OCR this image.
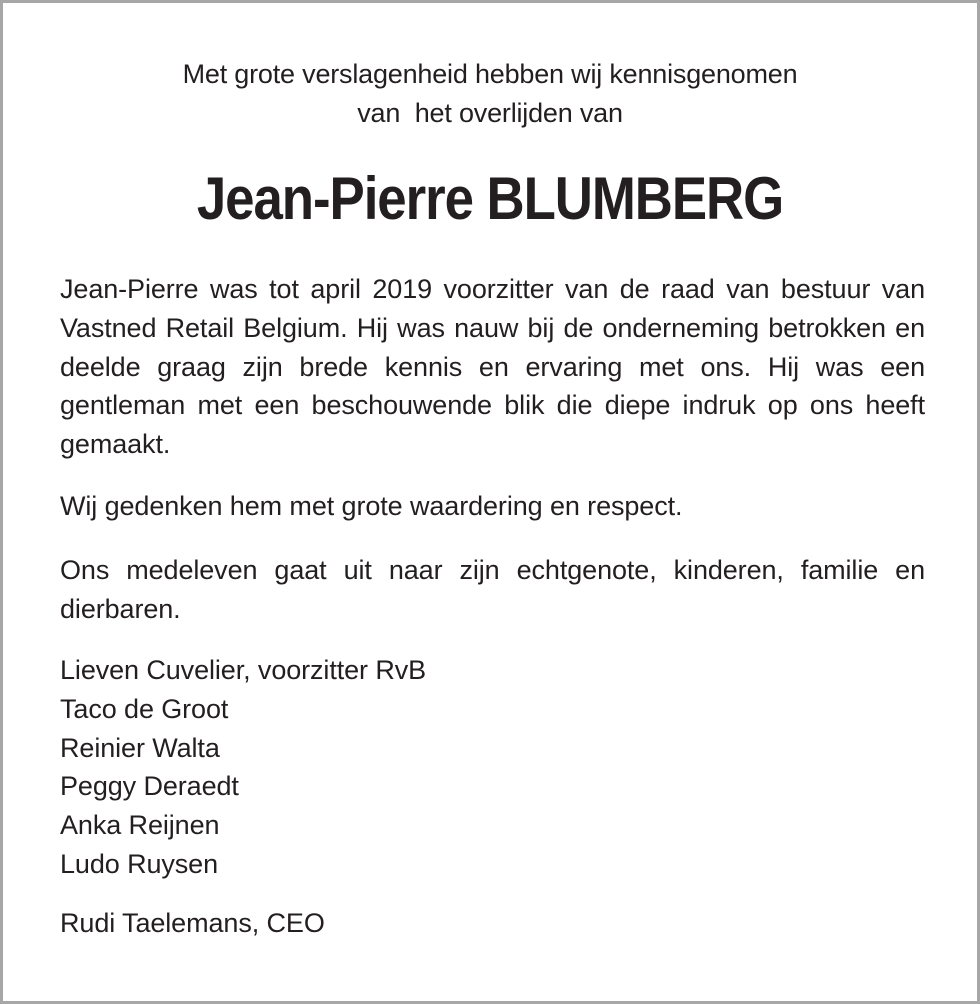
Met grote verslagenheid hebben wij kennisgenomen
van  het overlijden van
Jean-Pierre BLUMBERG

Jean-Pierre was tot april 2019 voorzitter van de raad van bestuur van Vastned Retail Belgium. Hij was nauw bij de onderneming betrokken en deelde graag zijn brede kennis en ervaring met ons. Hij was een gentleman met een beschouwende blik die diepe indruk op ons heeft gemaakt.

Wij gedenken hem met grote waardering en respect.

Ons medeleven gaat uit naar zijn echtgenote, kinderen, familie en dierbaren.

Lieven Cuvelier, voorzitter RvB
Taco de Groot
Reinier Walta
Peggy Deraedt
Anka Reijnen
Ludo Ruysen
Rudi Taelemans, CEO
